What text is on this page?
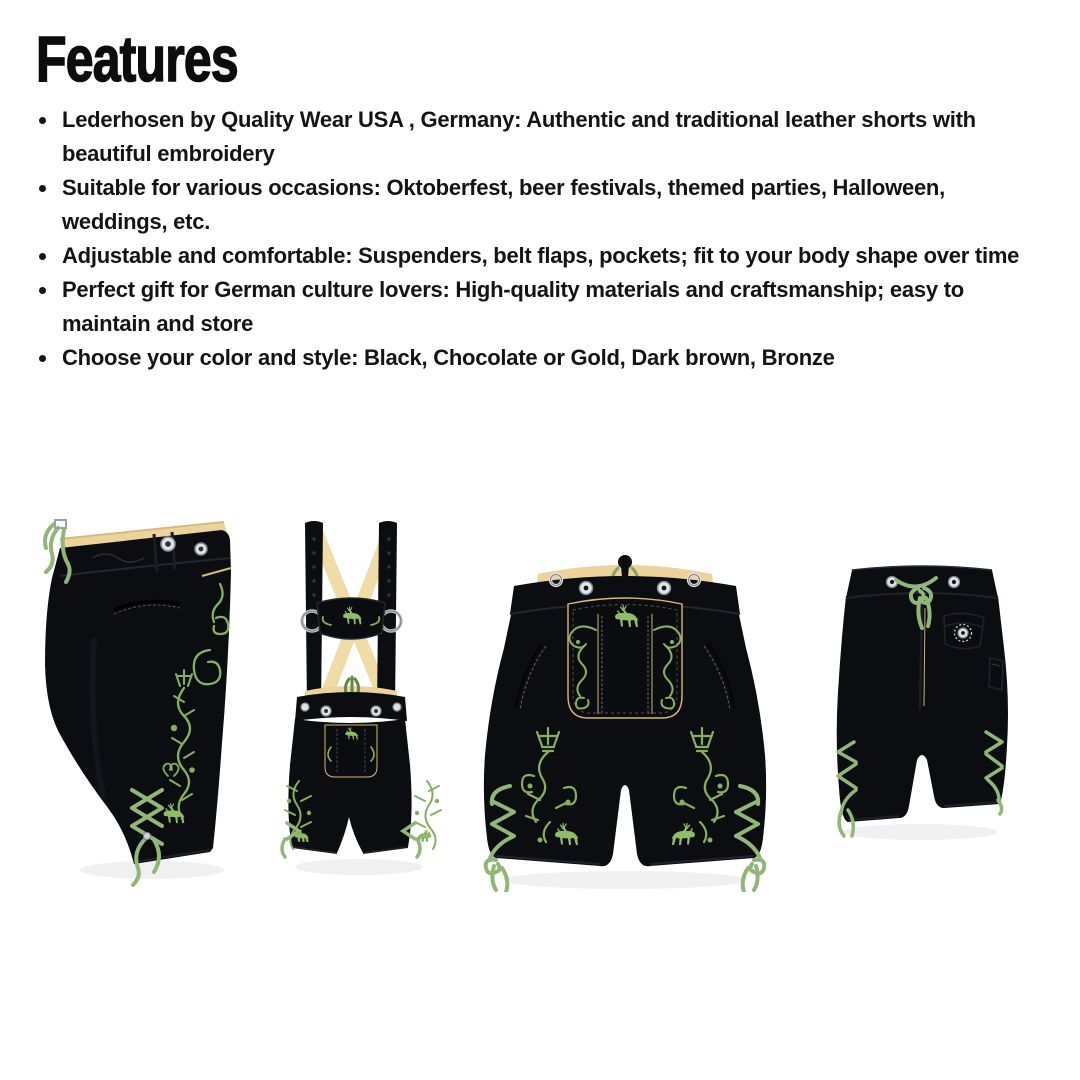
Features
Lederhosen by Quality Wear USA , Germany: Authentic and traditional leather shorts with beautiful embroidery
Suitable for various occasions: Oktoberfest, beer festivals, themed parties, Halloween, weddings, etc.
Adjustable and comfortable: Suspenders, belt flaps, pockets; fit to your body shape over time
Perfect gift for German culture lovers: High-quality materials and craftsmanship; easy to maintain and store
Choose your color and style: Black, Chocolate or Gold, Dark brown, Bronze
